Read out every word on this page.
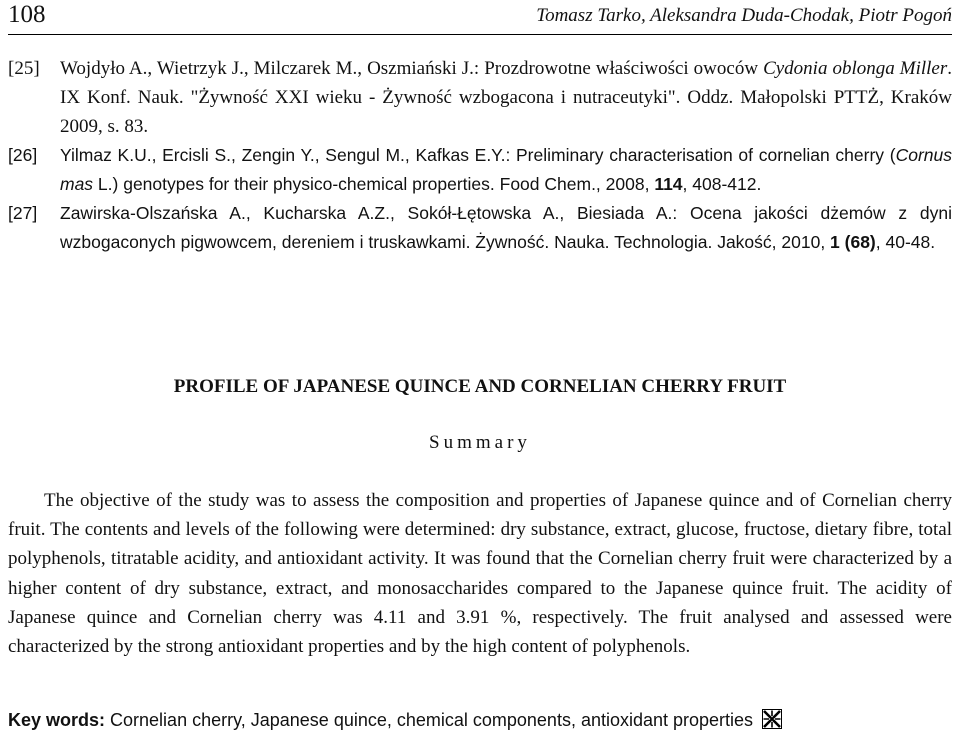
108	Tomasz Tarko, Aleksandra Duda-Chodak, Piotr Pogoń

[25] Wojdyło A., Wietrzyk J., Milczarek M., Oszmiański J.: Prozdrowotne właściwości owoców Cydonia oblonga Miller. IX Konf. Nauk. "Żywność XXI wieku - Żywność wzbogacona i nutraceutyki". Oddz. Małopolski PTTŻ, Kraków 2009, s. 83.

[26] Yilmaz K.U., Ercisli S., Zengin Y., Sengul M., Kafkas E.Y.: Preliminary characterisation of cornelian cherry (Cornus mas L.) genotypes for their physico-chemical properties. Food Chem., 2008, 114, 408-412.

[27] Zawirska-Olszańska A., Kucharska A.Z., Sokół-Łętowska A., Biesiada A.: Ocena jakości dżemów z dyni wzbogaconych pigwowcem, dereniem i truskawkami. Żywność. Nauka. Technologia. Jakość, 2010, 1 (68), 40-48.

PROFILE OF JAPANESE QUINCE AND CORNELIAN CHERRY FRUIT
Summary

The objective of the study was to assess the composition and properties of Japanese quince and of Cornelian cherry fruit. The contents and levels of the following were determined: dry substance, extract, glucose, fructose, dietary fibre, total polyphenols, titratable acidity, and antioxidant activity. It was found that the Cornelian cherry fruit were characterized by a higher content of dry substance, extract, and monosaccharides compared to the Japanese quince fruit. The acidity of Japanese quince and Cornelian cherry was 4.11 and 3.91 %, respectively. The fruit analysed and assessed were characterized by the strong antioxidant properties and by the high content of polyphenols.

Key words: Cornelian cherry, Japanese quince, chemical components, antioxidant properties
